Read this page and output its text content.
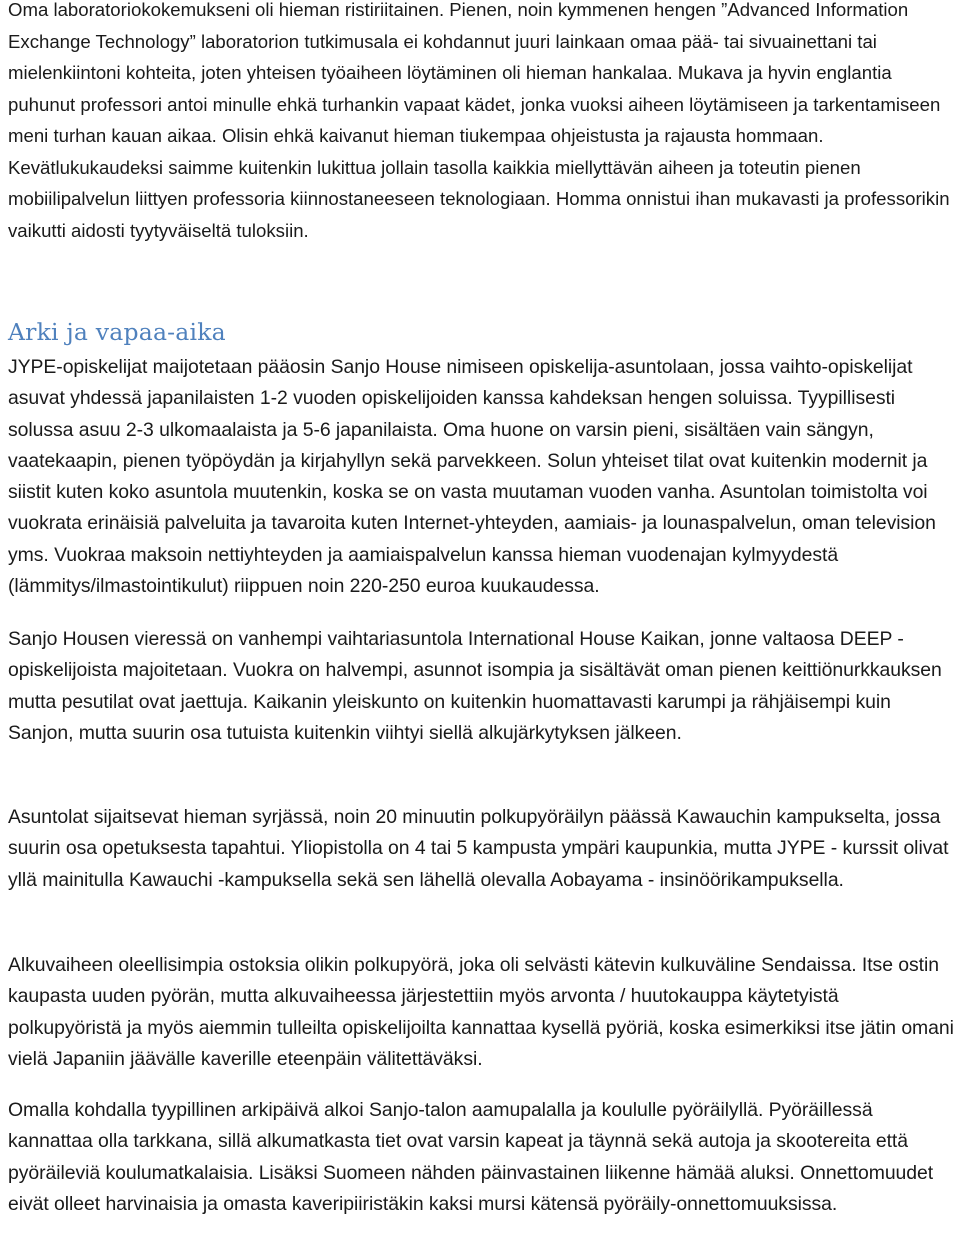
Oma laboratoriokokemukseni oli hieman ristiriitainen. Pienen, noin kymmenen hengen ”Advanced Information Exchange Technology” laboratorion tutkimusala ei kohdannut juuri lainkaan omaa pää- tai sivuainettani tai mielenkiintoni kohteita, joten yhteisen työaiheen löytäminen oli hieman hankalaa. Mukava ja hyvin englantia puhunut professori antoi minulle ehkä turhankin vapaat kädet, jonka vuoksi aiheen löytämiseen ja tarkentamiseen meni turhan kauan aikaa. Olisin ehkä kaivanut hieman tiukempaa ohjeistusta ja rajausta hommaan. Kevätlukukaudeksi saimme kuitenkin lukittua jollain tasolla kaikkia miellyttävän aiheen ja toteutin pienen mobiilipalvelun liittyen professoria kiinnostaneeseen teknologiaan. Homma onnistui ihan mukavasti ja professorikin vaikutti aidosti tyytyväiseltä tuloksiin.

Arki ja vapaa-aika

JYPE-opiskelijat maijotetaan pääosin Sanjo House nimiseen opiskelija-asuntolaan, jossa vaihto-opiskelijat asuvat yhdessä japanilaisten 1-2 vuoden opiskelijoiden kanssa kahdeksan hengen soluissa. Tyypillisesti solussa asuu 2-3 ulkomaalaista ja 5-6 japanilaista. Oma huone on varsin pieni, sisältäen vain sängyn, vaatekaapin, pienen työpöydän ja kirjahyllyn sekä parvekkeen. Solun yhteiset tilat ovat kuitenkin modernit ja siistit kuten koko asuntola muutenkin, koska se on vasta muutaman vuoden vanha. Asuntolan toimistolta voi vuokrata erinäisiä palveluita ja tavaroita kuten Internet-yhteyden, aamiais- ja lounaspalvelun, oman television yms. Vuokraa maksoin nettiyhteyden ja aamiaispalvelun kanssa hieman vuodenajan kylmyydestä (lämmitys/ilmastointikulut) riippuen noin 220-250 euroa kuukaudessa.

Sanjo Housen vieressä on vanhempi vaihtariasuntola International House Kaikan, jonne valtaosa DEEP - opiskelijoista majoitetaan. Vuokra on halvempi, asunnot isompia ja sisältävät oman pienen keittiönurkkauksen mutta pesutilat ovat jaettuja. Kaikanin yleiskunto on kuitenkin huomattavasti karumpi ja rähjäisempi kuin Sanjon, mutta suurin osa tutuista kuitenkin viihtyi siellä alkujärkytyksen jälkeen.

Asuntolat sijaitsevat hieman syrjässä, noin 20 minuutin polkupyöräilyn päässä Kawauchin kampukselta, jossa suurin osa opetuksesta tapahtui. Yliopistolla on 4 tai 5 kampusta ympäri kaupunkia, mutta JYPE - kurssit olivat yllä mainitulla Kawauchi -kampuksella sekä sen lähellä olevalla Aobayama - insinöörikampuksella.

Alkuvaiheen oleellisimpia ostoksia olikin polkupyörä, joka oli selvästi kätevin kulkuväline Sendaissa. Itse ostin kaupasta uuden pyörän, mutta alkuvaiheessa järjestettiin myös arvonta / huutokauppa käytetyistä polkupyöristä ja myös aiemmin tulleilta opiskelijoilta kannattaa kysellä pyöriä, koska esimerkiksi itse jätin omani vielä Japaniin jäävälle kaverille eteenpäin välitettäväksi.

Omalla kohdalla tyypillinen arkipäivä alkoi Sanjo-talon aamupalalla ja koululle pyöräilyllä. Pyöräillessä kannattaa olla tarkkana, sillä alkumatkasta tiet ovat varsin kapeat ja täynnä sekä autoja ja skootereita että pyöräileviä koulumatkalaisia. Lisäksi Suomeen nähden päinvastainen liikenne hämää aluksi. Onnettomuudet eivät olleet harvinaisia ja omasta kaveripiiristäkin kaksi mursi kätensä pyöräily-onnettomuuksissa.
